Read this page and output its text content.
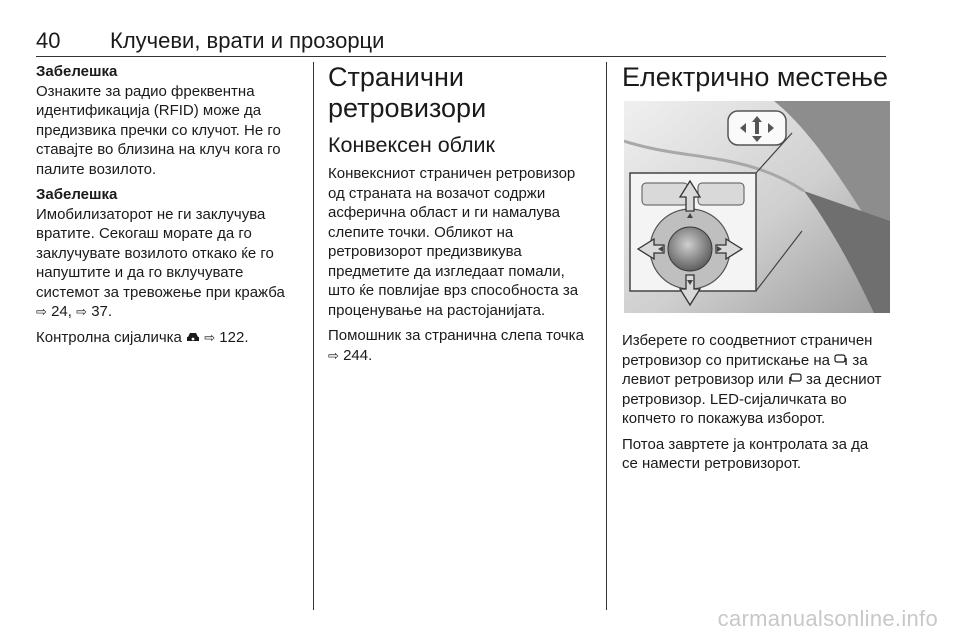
40 Клучеви, врати и прозорци

Забелешка
Ознаките за радио фреквентна идентификација (RFID) може да предизвика пречки со клучот. Не го ставајте во близина на клуч кога го палите возилото.

Забелешка
Имобилизаторот не ги заклучува вратите. Секогаш морате да го заклучувате возилото откако ќе го напуштите и да го вклучувате системот за тревожење при кражба ⇨ 24, ⇨ 37.

Контролна сијаличка ⇨ 122.

Странични ретровизори
Конвексен облик

Конвексниот страничен ретровизор од страната на возачот содржи асферична област и ги намалува слепите точки. Обликот на ретровизорот предизвикува предметите да изгледаат помали, што ќе повлијае врз способноста за проценување на растојанијата.

Помошник за странична слепа точка ⇨ 244.

Електрично местење

Изберете го соодветниот страничен ретровизор со притискање на за левиот ретровизор или за десниот ретровизор. LED-сијаличката во копчето го покажува изборот.

Потоа завртете ја контролата за да се намести ретровизорот.

carmanualsonline.info
